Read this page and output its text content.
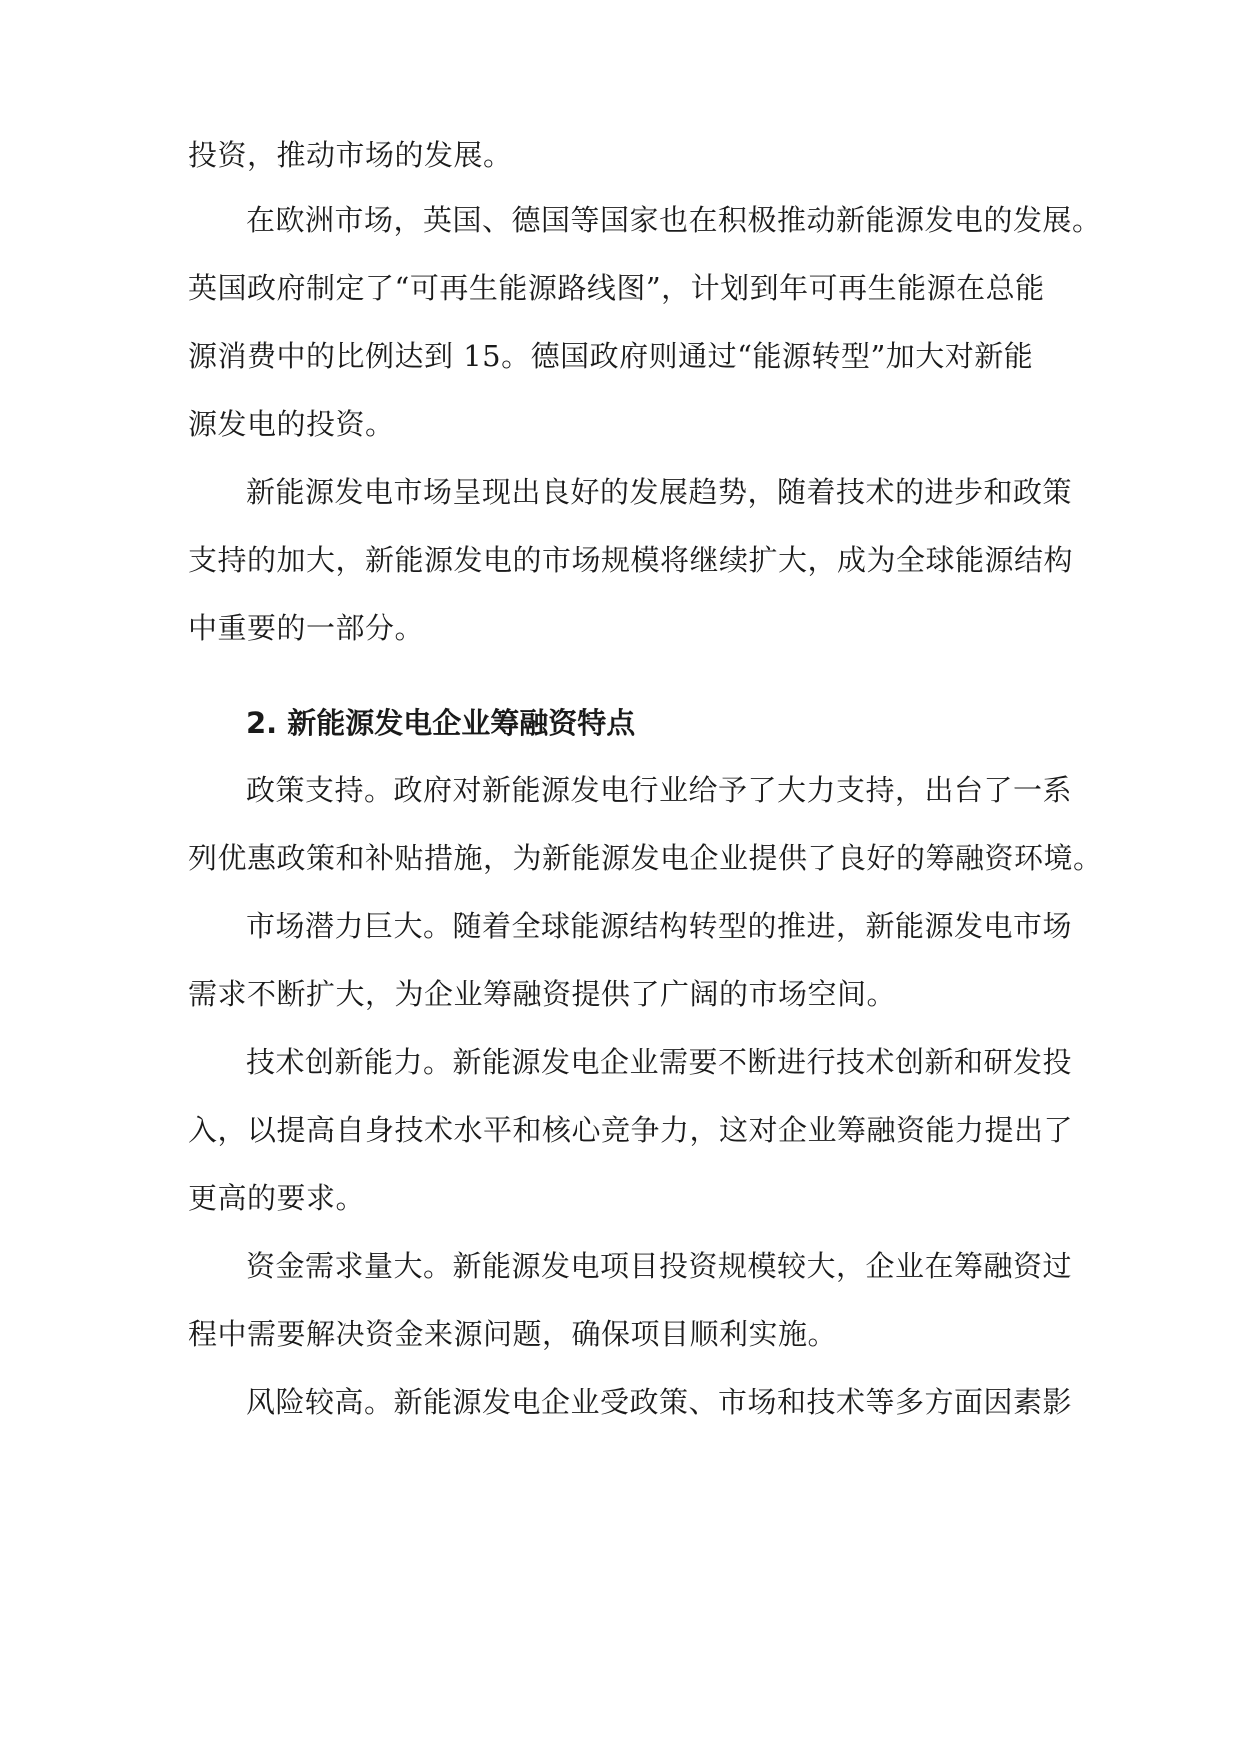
投资，推动市场的发展。
在欧洲市场，英国、德国等国家也在积极推动新能源发电的发展。
英国政府制定了“可再生能源路线图”，计划到年可再生能源在总能
源消费中的比例达到 15。德国政府则通过“能源转型”加大对新能
源发电的投资。
新能源发电市场呈现出良好的发展趋势，随着技术的进步和政策
支持的加大，新能源发电的市场规模将继续扩大，成为全球能源结构
中重要的一部分。
2. 新能源发电企业筹融资特点
政策支持。政府对新能源发电行业给予了大力支持，出台了一系
列优惠政策和补贴措施，为新能源发电企业提供了良好的筹融资环境。
市场潜力巨大。随着全球能源结构转型的推进，新能源发电市场
需求不断扩大，为企业筹融资提供了广阔的市场空间。
技术创新能力。新能源发电企业需要不断进行技术创新和研发投
入，以提高自身技术水平和核心竞争力，这对企业筹融资能力提出了
更高的要求。
资金需求量大。新能源发电项目投资规模较大，企业在筹融资过
程中需要解决资金来源问题，确保项目顺利实施。
风险较高。新能源发电企业受政策、市场和技术等多方面因素影
